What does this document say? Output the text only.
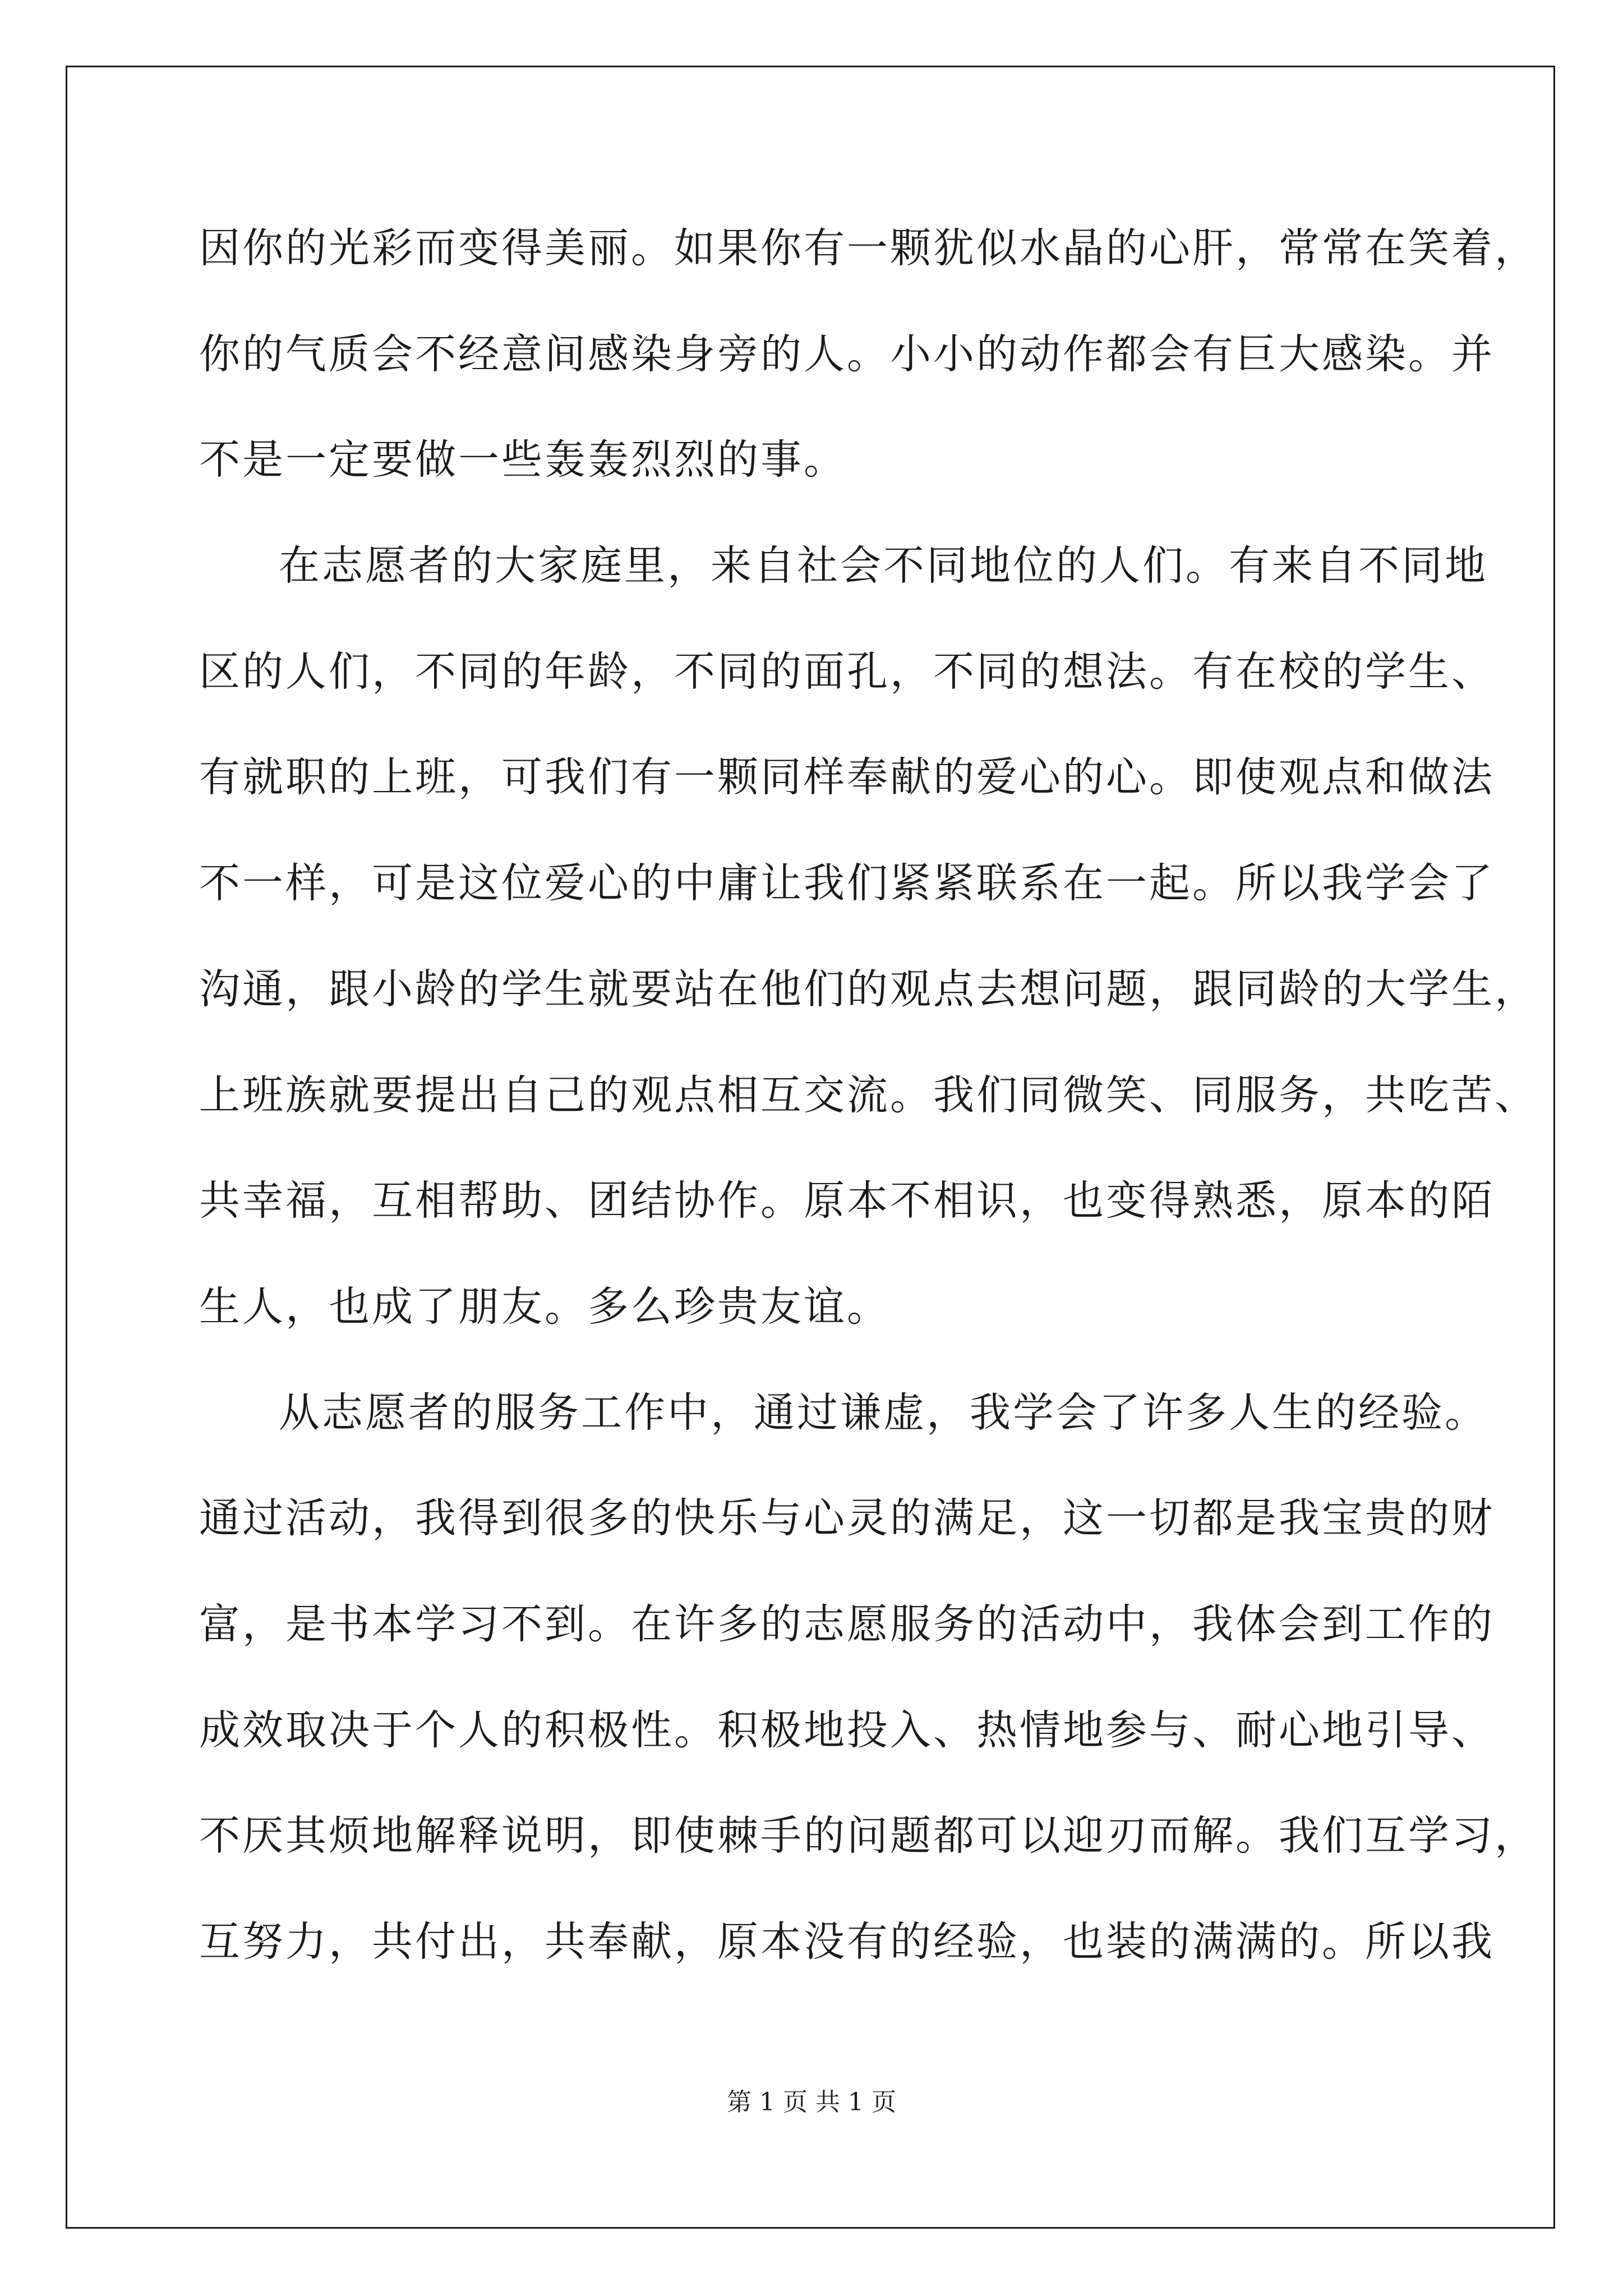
因你的光彩而变得美丽。如果你有一颗犹似水晶的心肝，常常在笑着，
你的气质会不经意间感染身旁的人。小小的动作都会有巨大感染。并
不是一定要做一些轰轰烈烈的事。
在志愿者的大家庭里，来自社会不同地位的人们。有来自不同地
区的人们，不同的年龄，不同的面孔，不同的想法。有在校的学生、
有就职的上班，可我们有一颗同样奉献的爱心的心。即使观点和做法
不一样，可是这位爱心的中庸让我们紧紧联系在一起。所以我学会了
沟通，跟小龄的学生就要站在他们的观点去想问题，跟同龄的大学生，
上班族就要提出自己的观点相互交流。我们同微笑、同服务，共吃苦、
共幸福，互相帮助、团结协作。原本不相识，也变得熟悉，原本的陌
生人，也成了朋友。多么珍贵友谊。
从志愿者的服务工作中，通过谦虚，我学会了许多人生的经验。
通过活动，我得到很多的快乐与心灵的满足，这一切都是我宝贵的财
富，是书本学习不到。在许多的志愿服务的活动中，我体会到工作的
成效取决于个人的积极性。积极地投入、热情地参与、耐心地引导、
不厌其烦地解释说明，即使棘手的问题都可以迎刃而解。我们互学习，
互努力，共付出，共奉献，原本没有的经验，也装的满满的。所以我
第 1 页 共 1 页
